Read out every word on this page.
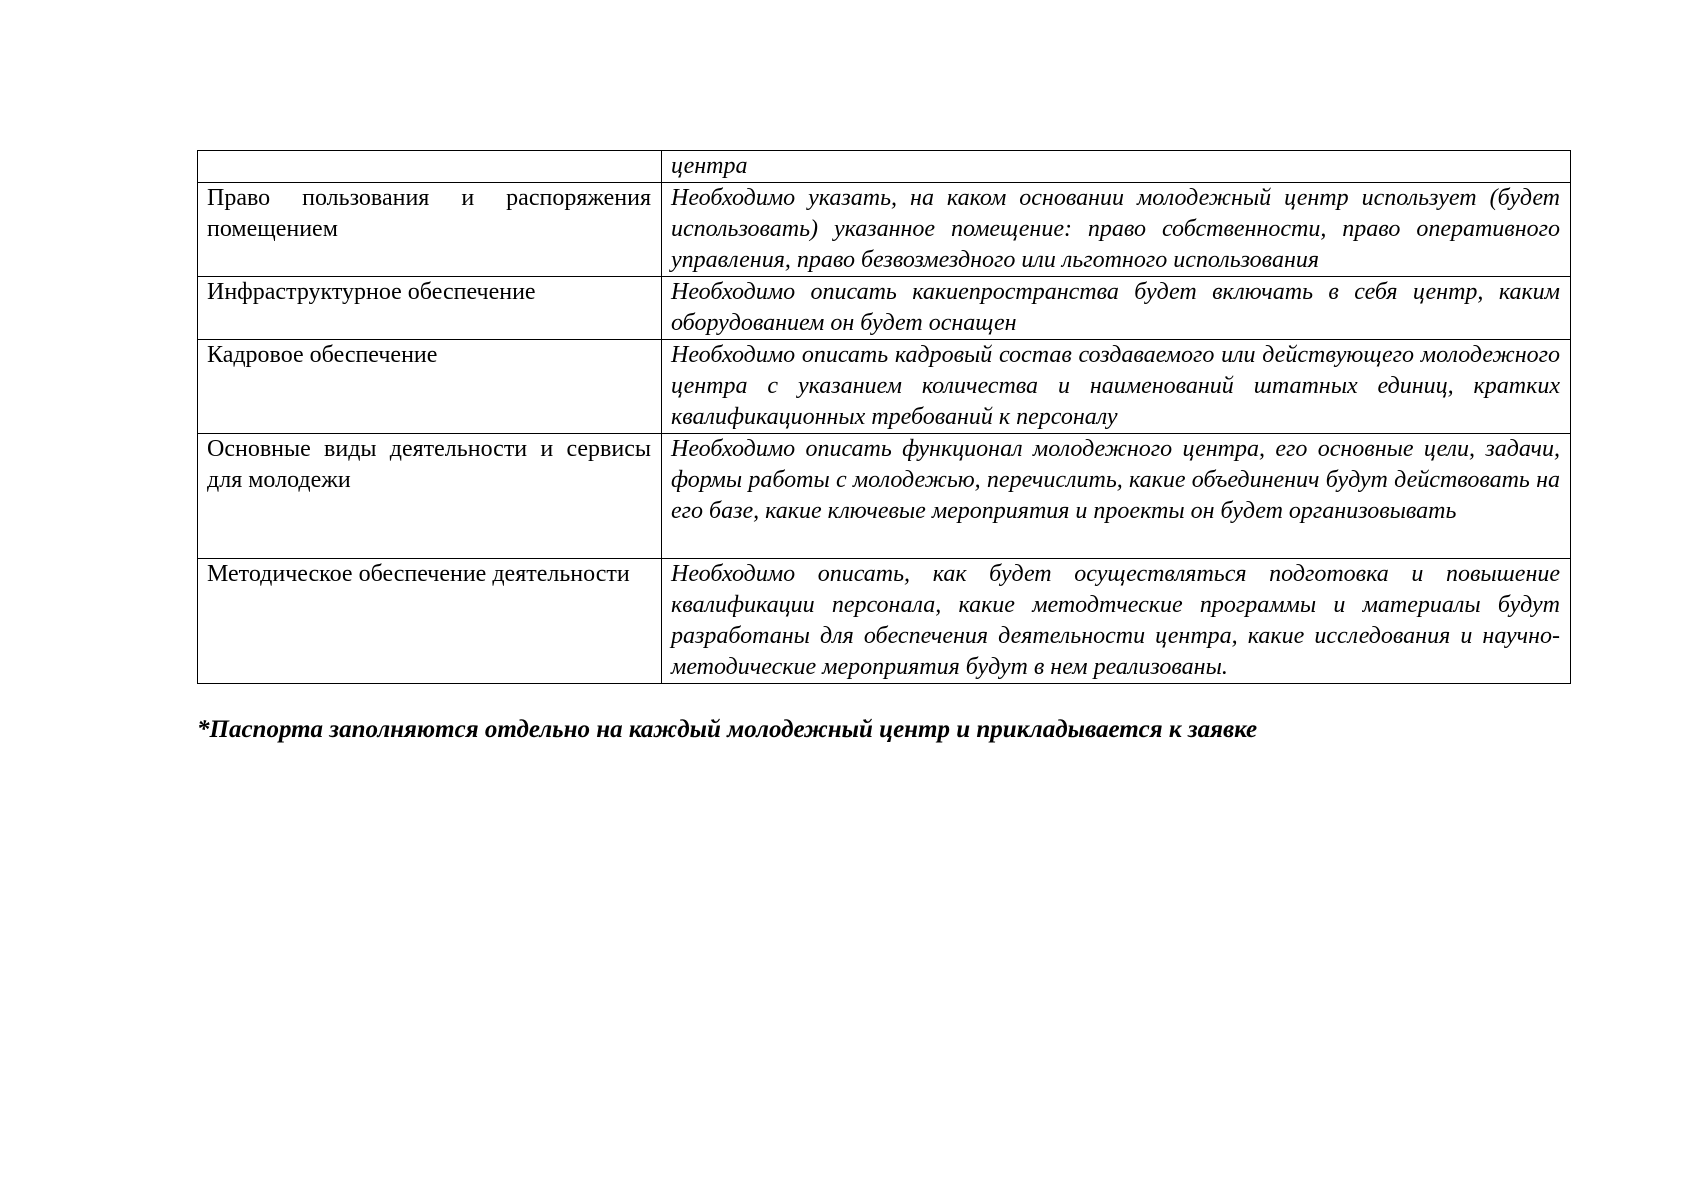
	центра
Право пользования и распоряжения помещением	Необходимо указать, на каком основании молодежный центр использует (будет использовать) указанное помещение: право собственности, право оперативного управления, право безвозмездного или льготного использования
Инфраструктурное обеспечение	Необходимо описать какиепространства будет включать в себя центр, каким оборудованием он будет оснащен
Кадровое обеспечение	Необходимо описать кадровый состав создаваемого или действующего молодежного центра с указанием количества и наименований штатных единиц, кратких квалификационных требований к персоналу
Основные виды деятельности и сервисы для молодежи	Необходимо описать функционал молодежного центра, его основные цели, задачи, формы работы с молодежью, перечислить, какие объединенич будут действовать на его базе, какие ключевые мероприятия и проекты он будет организовывать
Методическое обеспечение деятельности	Необходимо описать, как будет осуществляться подготовка и повышение квалификации персонала, какие методтческие программы и материалы будут разработаны для обеспечения деятельности центра, какие исследования и научно-методические мероприятия будут в нем реализованы.
*Паспорта заполняются отдельно на каждый молодежный центр и прикладывается к заявке
